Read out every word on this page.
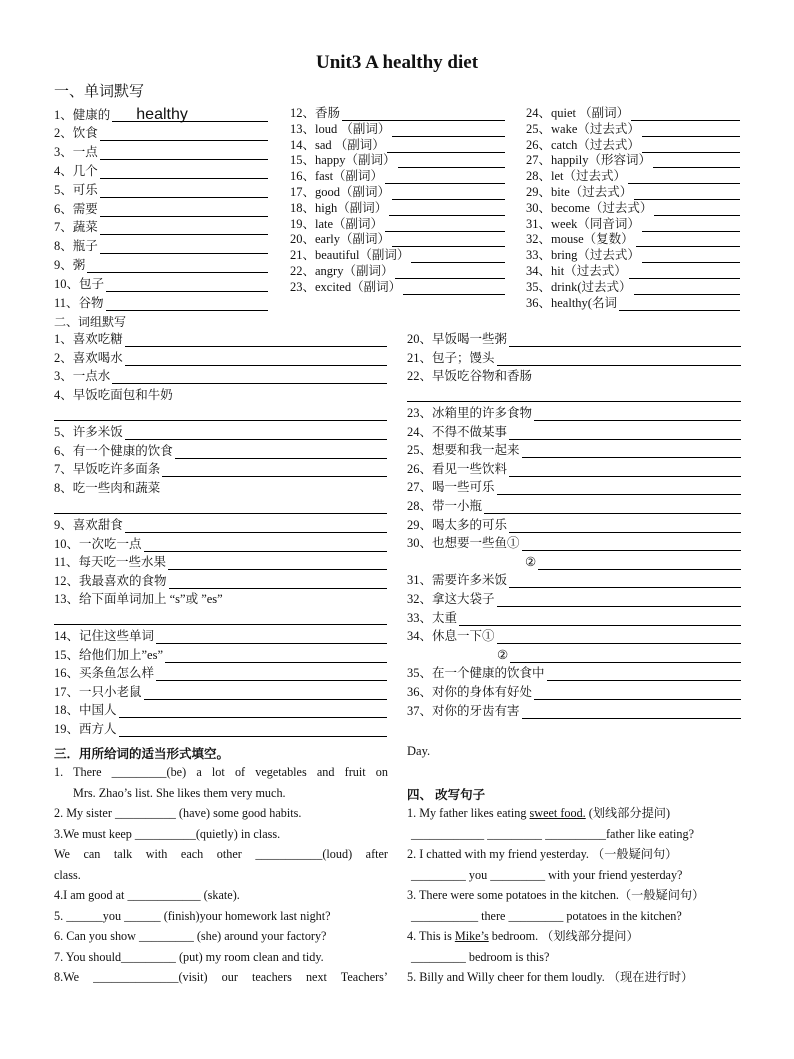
Unit3 A healthy diet
一、单词默写
1、健康的 healthy
2、饮食
3、一点
4、几个
5、可乐
6、需要
7、蔬菜
8、瓶子
9、粥
10、包子
11、谷物
12、香肠
13、loud （副词）
14、sad （副词）
15、happy（副词）
16、fast（副词）
17、good（副词）
18、high（副词）
19、late（副词）
20、early（副词）
21、beautiful（副词）
22、angry（副词）
23、excited（副词）
24、quiet （副词）
25、wake（过去式）
26、catch（过去式）
27、happily（形容词）
28、let（过去式）
29、bite（过去式）
30、become（过去式）
31、week（同音词）
32、mouse（复数）
33、bring（过去式）
34、hit（过去式）
35、drink(过去式）
36、healthy(名词
二、词组默写
1、喜欢吃糖
2、喜欢喝水
3、一点水
4、早饭吃面包和牛奶
5、许多米饭
6、有一个健康的饮食
7、早饭吃许多面条
8、吃一些肉和蔬菜
9、喜欢甜食
10、一次吃一点
11、每天吃一些水果
12、我最喜欢的食物
13、给下面单词加上 “s”或 ”es”
14、记住这些单词
15、给他们加上”es”
16、买条鱼怎么样
17、一只小老鼠
18、中国人
19、西方人
20、早饭喝一些粥
21、包子；馒头
22、早饭吃谷物和香肠
23、冰箱里的许多食物
24、不得不做某事
25、想要和我一起来
26、看见一些饮料
27、喝一些可乐
28、带一小瓶
29、喝太多的可乐
30、也想要一些鱼①
②
31、需要许多米饭
32、拿这大袋子
33、太重
34、休息一下①
②
35、在一个健康的饮食中
36、对你的身体有好处
37、对你的牙齿有害
三．用所给词的适当形式填空。
1. There _________(be) a lot of vegetables and fruit on
Mrs. Zhao’s list. She likes them very much.
2. My sister __________ (have) some good habits.
3.We must keep __________(quietly) in class.
We can talk with each other ___________(loud) after
class.
4.I am good at ____________ (skate).
5. ______you ______ (finish)your homework last night?
6. Can you show _________ (she) around your factory?
7. You should_________ (put) my room clean and tidy.
8.We ______________(visit) our teachers next Teachers’
Day.
四、 改写句子
1. My father likes eating sweet food. (划线部分提问)
____________ _________ __________father like eating?
2. I chatted with my friend yesterday. （一般疑问句）
_________ you _________ with your friend yesterday?
3. There were some potatoes in the kitchen.（一般疑问句）
___________ there _________ potatoes in the kitchen?
4. This is Mike’s bedroom. （划线部分提问）
_________ bedroom is this?
5. Billy and Willy cheer for them loudly. （现在进行时）
